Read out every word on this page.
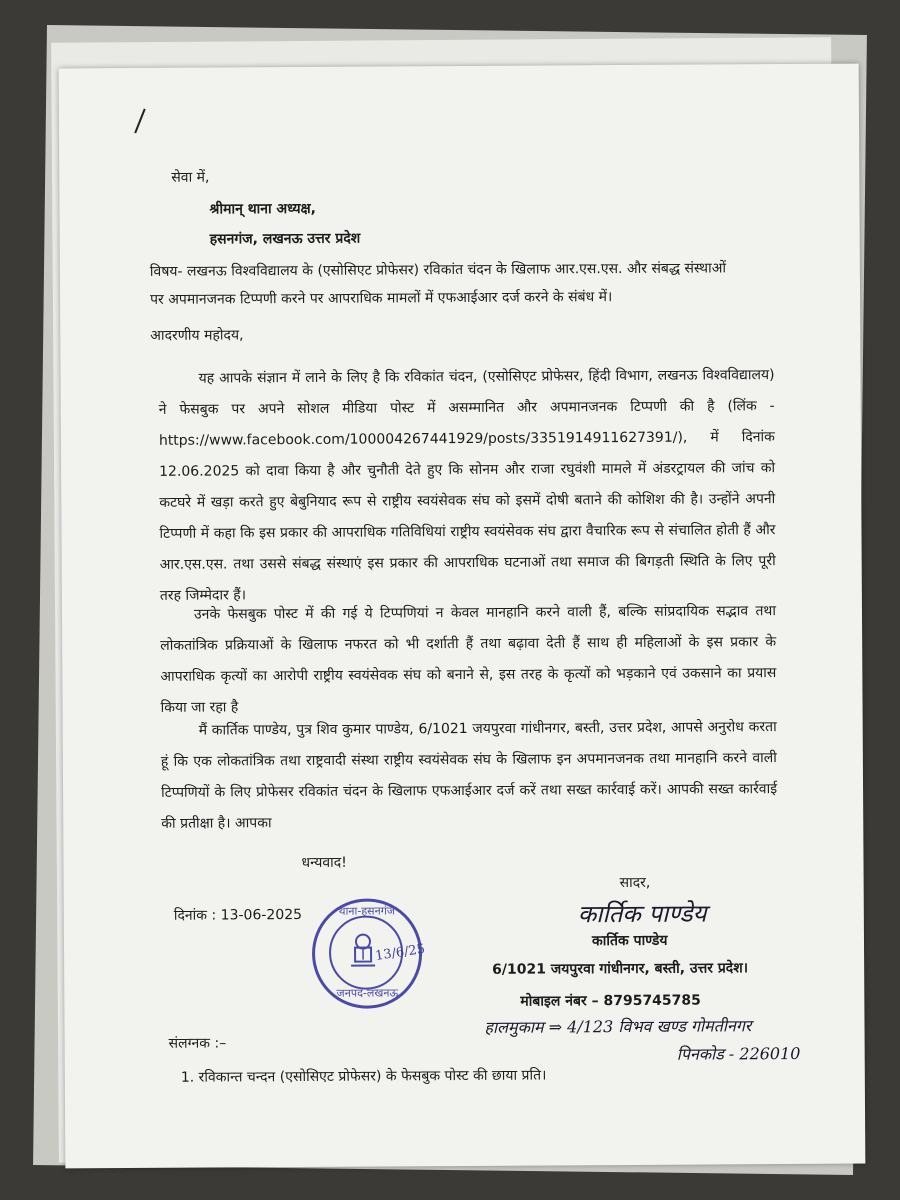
सेवा में,
श्रीमान् थाना अध्यक्ष,
हसनगंज, लखनऊ उत्तर प्रदेश
विषय- लखनऊ विश्वविद्यालय के (एसोसिएट प्रोफेसर) रविकांत चंदन के खिलाफ आर.एस.एस. और संबद्ध संस्थाओं
पर अपमानजनक टिप्पणी करने पर आपराधिक मामलों में एफआईआर दर्ज करने के संबंध में।
आदरणीय महोदय,
यह आपके संज्ञान में लाने के लिए है कि रविकांत चंदन, (एसोसिएट प्रोफेसर, हिंदी विभाग, लखनऊ विश्वविद्यालय) ने फेसबुक पर अपने सोशल मीडिया पोस्ट में असम्मानित और अपमानजनक टिप्पणी की है (लिंक - https://www.facebook.com/100004267441929/posts/3351914911627391/), में दिनांक 12.06.2025 को दावा किया है और चुनौती देते हुए कि सोनम और राजा रघुवंशी मामले में अंडरट्रायल की जांच को कटघरे में खड़ा करते हुए बेबुनियाद रूप से राष्ट्रीय स्वयंसेवक संघ को इसमें दोषी बताने की कोशिश की है। उन्होंने अपनी टिप्पणी में कहा कि इस प्रकार की आपराधिक गतिविधियां राष्ट्रीय स्वयंसेवक संघ द्वारा वैचारिक रूप से संचालित होती हैं और आर.एस.एस. तथा उससे संबद्ध संस्थाएं इस प्रकार की आपराधिक घटनाओं तथा समाज की बिगड़ती स्थिति के लिए पूरी तरह जिम्मेदार हैं।
उनके फेसबुक पोस्ट में की गई ये टिप्पणियां न केवल मानहानि करने वाली हैं, बल्कि सांप्रदायिक सद्भाव तथा लोकतांत्रिक प्रक्रियाओं के खिलाफ नफरत को भी दर्शाती हैं तथा बढ़ावा देती हैं साथ ही महिलाओं के इस प्रकार के आपराधिक कृत्यों का आरोपी राष्ट्रीय स्वयंसेवक संघ को बनाने से, इस तरह के कृत्यों को भड़काने एवं उकसाने का प्रयास किया जा रहा है
मैं कार्तिक पाण्डेय, पुत्र शिव कुमार पाण्डेय, 6/1021 जयपुरवा गांधीनगर, बस्ती, उत्तर प्रदेश, आपसे अनुरोध करता हूं कि एक लोकतांत्रिक तथा राष्ट्रवादी संस्था राष्ट्रीय स्वयंसेवक संघ के खिलाफ इन अपमानजनक तथा मानहानि करने वाली टिप्पणियों के लिए प्रोफेसर रविकांत चंदन के खिलाफ एफआईआर दर्ज करें तथा सख्त कार्रवाई करें। आपकी सख्त कार्रवाई की प्रतीक्षा है। आपका
धन्यवाद!
सादर,
कार्तिक पाण्डेय
कार्तिक पाण्डेय
6/1021 जयपुरवा गांधीनगर, बस्ती, उत्तर प्रदेश।
मोबाइल नंबर – 8795745785
दिनांक : 13-06-2025	थाना-हसनगंज
13/6/25
जनपद-लखनऊ
हालमुकाम ⇒ 4/123 विभव खण्ड गोमतीनगर
पिनकोड - 226010
संलग्नक :–
1. रविकान्त चन्दन (एसोसिएट प्रोफेसर) के फेसबुक पोस्ट की छाया प्रति।
